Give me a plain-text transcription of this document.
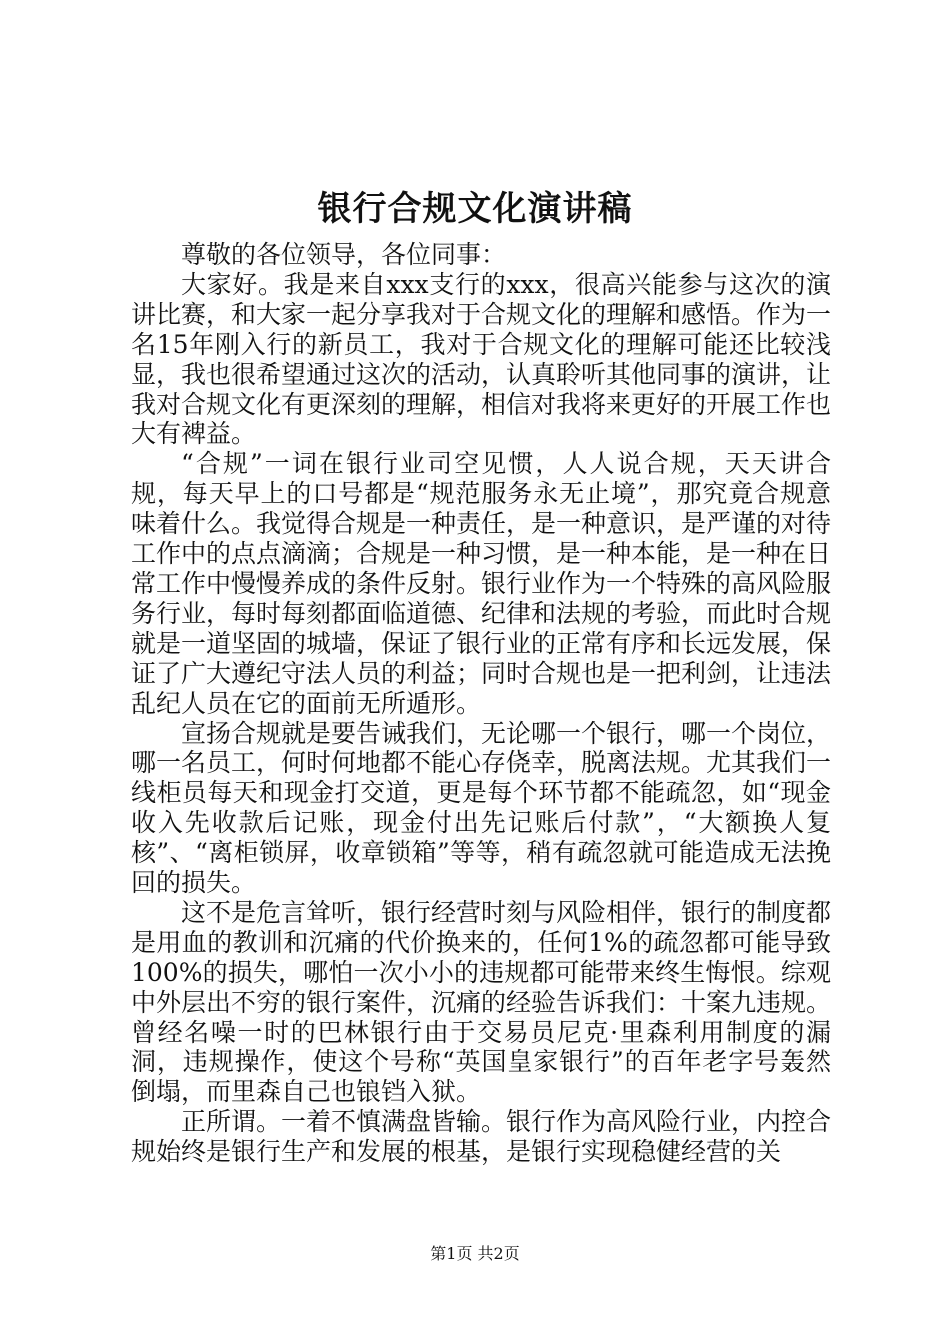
银行合规文化演讲稿

尊敬的各位领导，各位同事：

大家好。我是来自xxx支行的xxx，很高兴能参与这次的演讲比赛，和大家一起分享我对于合规文化的理解和感悟。作为一名15年刚入行的新员工，我对于合规文化的理解可能还比较浅显，我也很希望通过这次的活动，认真聆听其他同事的演讲，让我对合规文化有更深刻的理解，相信对我将来更好的开展工作也大有裨益。

“合规”一词在银行业司空见惯，人人说合规，天天讲合规，每天早上的口号都是“规范服务永无止境”，那究竟合规意味着什么。我觉得合规是一种责任，是一种意识，是严谨的对待工作中的点点滴滴；合规是一种习惯，是一种本能，是一种在日常工作中慢慢养成的条件反射。银行业作为一个特殊的高风险服务行业，每时每刻都面临道德、纪律和法规的考验，而此时合规就是一道坚固的城墙，保证了银行业的正常有序和长远发展，保证了广大遵纪守法人员的利益；同时合规也是一把利剑，让违法乱纪人员在它的面前无所遁形。

宣扬合规就是要告诫我们，无论哪一个银行，哪一个岗位，哪一名员工，何时何地都不能心存侥幸，脱离法规。尤其我们一线柜员每天和现金打交道，更是每个环节都不能疏忽，如“现金收入先收款后记账，现金付出先记账后付款”，“大额换人复核”、“离柜锁屏，收章锁箱”等等，稍有疏忽就可能造成无法挽回的损失。

这不是危言耸听，银行经营时刻与风险相伴，银行的制度都是用血的教训和沉痛的代价换来的，任何1%的疏忽都可能导致100%的损失，哪怕一次小小的违规都可能带来终生悔恨。综观中外层出不穷的银行案件，沉痛的经验告诉我们：十案九违规。曾经名噪一时的巴林银行由于交易员尼克·里森利用制度的漏洞，违规操作，使这个号称“英国皇家银行”的百年老字号轰然倒塌，而里森自己也锒铛入狱。

正所谓。一着不慎满盘皆输。银行作为高风险行业，内控合规始终是银行生产和发展的根基，是银行实现稳健经营的关

第1页 共2页
